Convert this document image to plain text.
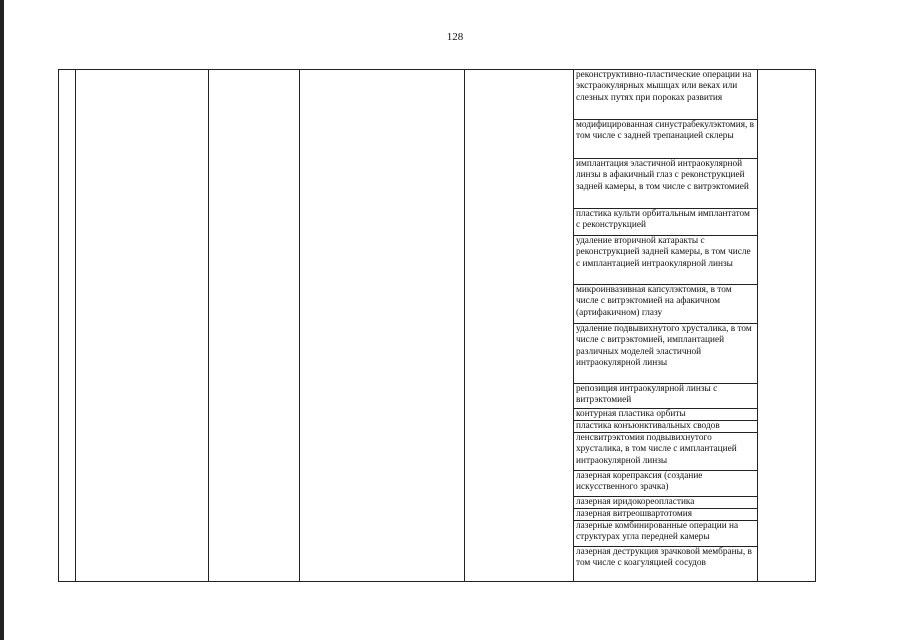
128
реконструктивно-пластические операции на экстраокулярных мышцах или веках или слезных путях при пороках развития
модифицированная синустрабекулэктомия, в том числе с задней трепанацией склеры
имплантация эластичной интраокулярной линзы в афакичный глаз с реконструкцией задней камеры, в том числе с витрэктомией
пластика культи орбитальным имплантатом с реконструкцией
удаление вторичной катаракты с реконструкцией задней камеры, в том числе с имплантацией интраокулярной линзы
микроинвазивная капсулэктомия, в том числе с витрэктомией на афакичном (артифакичном) глазу
удаление подвывихнутого хрусталика, в том числе с витрэктомией, имплантацией различных моделей эластичной интраокулярной линзы
репозиция интраокулярной линзы с витрэктомией
контурная пластика орбиты
пластика конъюнктивальных сводов
ленсвитрэктомия подвывихнутого хрусталика, в том числе с имплантацией интраокулярной линзы
лазерная корепраксия (создание искусственного зрачка)
лазерная иридокореопластика
лазерная витреошвартотомия
лазерные комбинированные операции на структурах угла передней камеры
лазерная деструкция зрачковой мембраны, в том числе с коагуляцией сосудов
